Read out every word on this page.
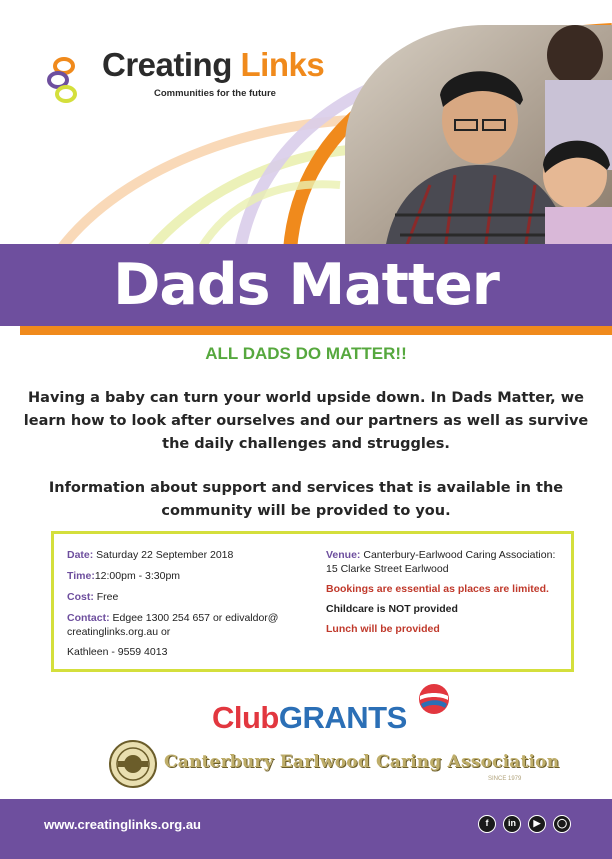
Creating Links
Communities for the future
Dads Matter
ALL DADS DO MATTER!!

Having a baby can turn your world upside down. In Dads Matter, we learn how to look after ourselves and our partners as well as survive the daily challenges and struggles.

Information about support and services that is available in the community will be provided to you.

Date: Saturday 22 September 2018
Time:12:00pm - 3:30pm
Cost: Free
Contact: Edgee 1300 254 657 or edivaldor@ creatinglinks.org.au or
Kathleen - 9559 4013
Venue: Canterbury-Earlwood Caring Association: 15 Clarke Street Earlwood
Bookings are essential as places are limited.
Childcare is NOT provided
Lunch will be provided
ClubGRANTS
Canterbury Earlwood Caring Association
SINCE 1979
www.creatinglinks.org.au	f	in	▶	◯
